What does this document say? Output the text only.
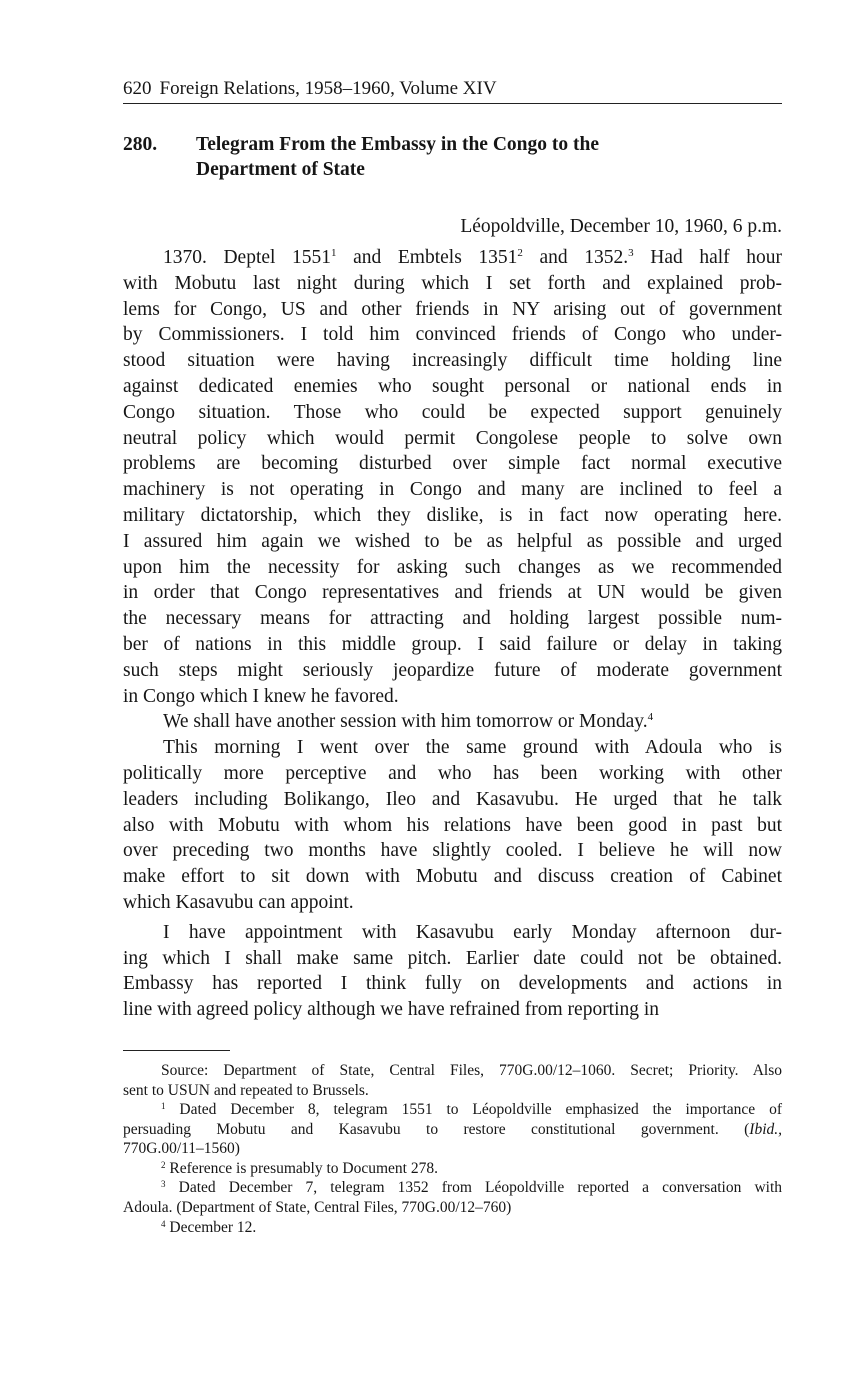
620 Foreign Relations, 1958–1960, Volume XIV
280.	Telegram From the Embassy in the Congo to the Department of State
Léopoldville, December 10, 1960, 6 p.m.

1370. Deptel 1551$^1$ and Embtels 1351$^2$ and 1352.$^3$ Had half hour
with Mobutu last night during which I set forth and explained prob-
lems for Congo, US and other friends in NY arising out of government
by Commissioners. I told him convinced friends of Congo who under-
stood situation were having increasingly difficult time holding line
against dedicated enemies who sought personal or national ends in
Congo situation. Those who could be expected support genuinely
neutral policy which would permit Congolese people to solve own
problems are becoming disturbed over simple fact normal executive
machinery is not operating in Congo and many are inclined to feel a
military dictatorship, which they dislike, is in fact now operating here.
I assured him again we wished to be as helpful as possible and urged
upon him the necessity for asking such changes as we recommended
in order that Congo representatives and friends at UN would be given
the necessary means for attracting and holding largest possible num-
ber of nations in this middle group. I said failure or delay in taking
such steps might seriously jeopardize future of moderate government
in Congo which I knew he favored.

We shall have another session with him tomorrow or Monday.$^4$

This morning I went over the same ground with Adoula who is
politically more perceptive and who has been working with other
leaders including Bolikango, Ileo and Kasavubu. He urged that he talk
also with Mobutu with whom his relations have been good in past but
over preceding two months have slightly cooled. I believe he will now
make effort to sit down with Mobutu and discuss creation of Cabinet
which Kasavubu can appoint.

I have appointment with Kasavubu early Monday afternoon dur-
ing which I shall make same pitch. Earlier date could not be obtained.
Embassy has reported I think fully on developments and actions in
line with agreed policy although we have refrained from reporting in

Source: Department of State, Central Files, 770G.00/12–1060. Secret; Priority. Also
sent to USUN and repeated to Brussels.

$^1$ Dated December 8, telegram 1551 to Léopoldville emphasized the importance of
persuading Mobutu and Kasavubu to restore constitutional government. (Ibid.,
770G.00/11–1560)

$^2$ Reference is presumably to Document 278.

$^3$ Dated December 7, telegram 1352 from Léopoldville reported a conversation with
Adoula. (Department of State, Central Files, 770G.00/12–760)

$^4$ December 12.
